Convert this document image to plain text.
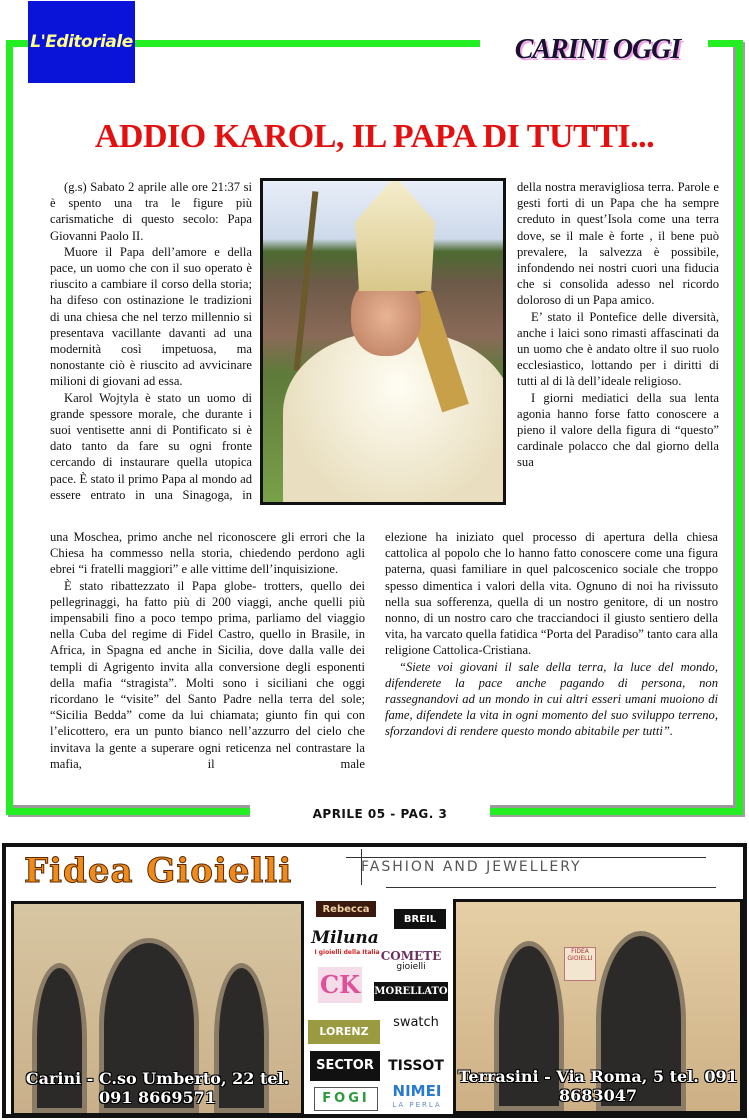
L'Editoriale	CARINI OGGI
ADDIO KAROL, IL PAPA DI TUTTI...

(g.s) Sabato 2 aprile alle ore 21:37 si è spento una tra le figure più carismatiche di questo secolo: Papa Giovanni Paolo II.

Muore il Papa dell’amore e della pace, un uomo che con il suo operato è riuscito a cambiare il corso della storia; ha difeso con ostinazione le tradizioni di una chiesa che nel terzo millennio si presentava vacillante davanti ad una modernità così impetuosa, ma nonostante ciò è riuscito ad avvicinare milioni di giovani ad essa.

Karol Wojtyla è stato un uomo di grande spessore morale, che durante i suoi ventisette anni di Pontificato si è dato tanto da fare su ogni fronte cercando di instaurare quella utopica pace. È stato il primo Papa al mondo ad essere entrato in una Sinagoga, in

della nostra meravigliosa terra. Parole e gesti forti di un Papa che ha sempre creduto in quest’Isola come una terra dove, se il male è forte , il bene può prevalere, la salvezza è possibile, infondendo nei nostri cuori una fiducia che si consolida adesso nel ricordo doloroso di un Papa amico.

E’ stato il Pontefice delle diversità, anche i laici sono rimasti affascinati da un uomo che è andato oltre il suo ruolo ecclesiastico, lottando per i diritti di tutti al di là dell’ideale religioso.

I giorni mediatici della sua lenta agonia hanno forse fatto conoscere a pieno il valore della figura di “questo” cardinale polacco che dal giorno della sua

una Moschea, primo anche nel riconoscere gli errori che la Chiesa ha commesso nella storia, chiedendo perdono agli ebrei “i fratelli maggiori” e alle vittime dell’inquisizione.

È stato ribattezzato il Papa globe- trotters, quello dei pellegrinaggi, ha fatto più di 200 viaggi, anche quelli più impensabili fino a poco tempo prima, parliamo del viaggio nella Cuba del regime di Fidel Castro, quello in Brasile, in Africa, in Spagna ed anche in Sicilia, dove dalla valle dei templi di Agrigento invita alla conversione degli esponenti della mafia “stragista”. Molti sono i siciliani che oggi ricordano le “visite” del Santo Padre nella terra del sole; “Sicilia Bedda” come da lui chiamata; giunto fin qui con l’elicottero, era un punto bianco nell’azzurro del cielo che invitava la gente a superare ogni reticenza nel contrastare la mafia, il male

elezione ha iniziato quel processo di apertura della chiesa cattolica al popolo che lo hanno fatto conoscere come una figura paterna, quasi familiare in quel palcoscenico sociale che troppo spesso dimentica i valori della vita. Ognuno di noi ha rivissuto nella sua sofferenza, quella di un nostro genitore, di un nostro nonno, di un nostro caro che tracciandoci il giusto sentiero della vita, ha varcato quella fatidica “Porta del Paradiso” tanto cara alla religione Cattolica-Cristiana.

“Siete voi giovani il sale della terra, la luce del mondo, difenderete la pace anche pagando di persona, non rassegnandovi ad un mondo in cui altri esseri umani muoiono di fame, difendete la vita in ogni momento del suo sviluppo terreno, sforzandovi di rendere questo mondo abitabile per tutti”.

APRILE 05 - PAG. 3
Fidea Gioielli	FASHION AND JEWELLERY
Carini - C.so Umberto, 22 tel. 091 8669571
Rebecca
BREIL
Miluna
I gioielli della Italia COMETE
gioielli
CK MORELLATO
LORENZ
swatch
SECTOR	TISSOT
FOGI	NIMEI
LA PERLA
FIDEA GIOIELLI
Terrasini - Via Roma, 5 tel. 091 8683047
